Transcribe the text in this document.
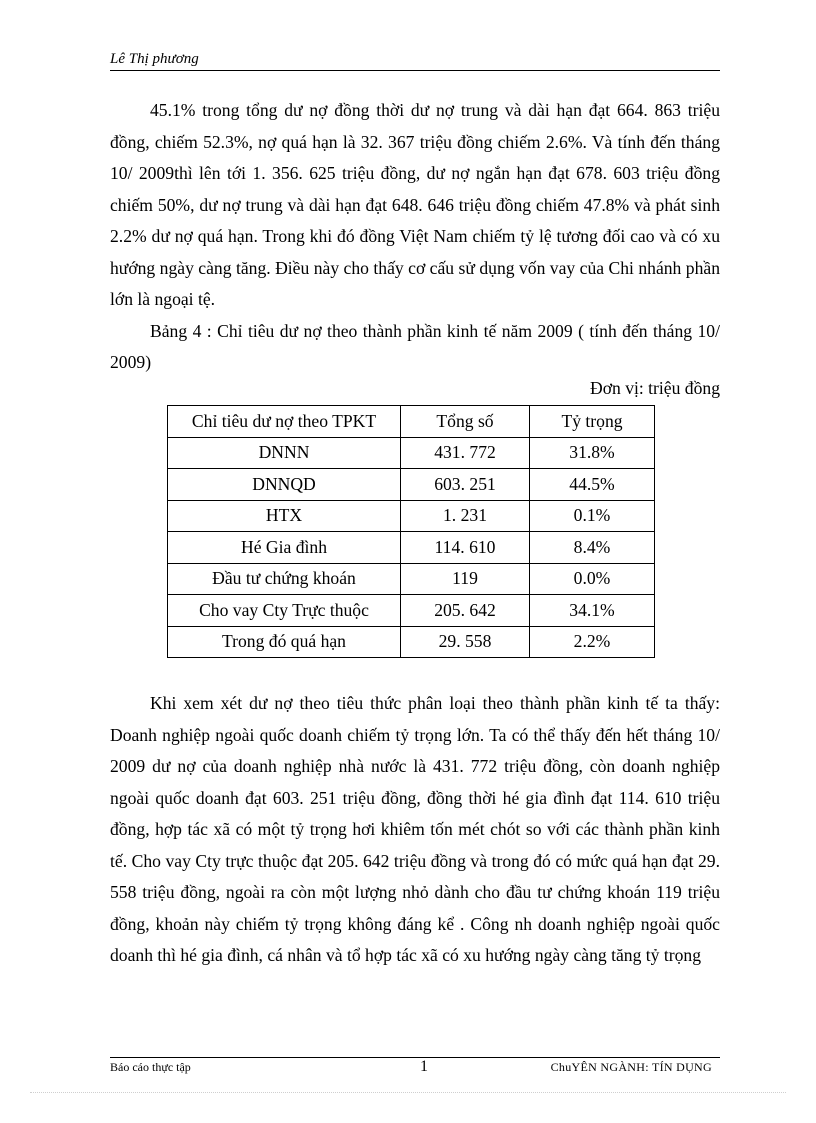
Lê Thị phương

45.1% trong tổng dư nợ đồng thời dư nợ trung và dài hạn đạt 664. 863 triệu đồng, chiếm 52.3%, nợ quá hạn là 32. 367 triệu đồng chiếm 2.6%. Và tính đến tháng 10/ 2009thì lên tới 1. 356. 625 triệu đồng, dư nợ ngắn hạn đạt 678. 603 triệu đồng chiếm 50%, dư nợ trung và dài hạn đạt 648. 646 triệu đồng chiếm 47.8% và phát sinh 2.2% dư nợ quá hạn. Trong khi đó đồng Việt Nam chiếm tỷ lệ tương đối cao và có xu hướng ngày càng tăng. Điều này cho thấy cơ cấu sử dụng vốn vay của Chi nhánh phần lớn là ngoại tệ.

Bảng 4 : Chỉ tiêu dư nợ theo thành phần kinh tế năm 2009 ( tính đến tháng 10/ 2009)

Đơn vị: triệu đồng
Chỉ tiêu dư nợ theo TPKT	Tổng số	Tỷ trọng
DNNN	431. 772	31.8%
DNNQD	603. 251	44.5%
HTX	1. 231	0.1%
Hé Gia đình	114. 610	8.4%
Đầu tư chứng khoán	119	0.0%
Cho vay Cty Trực thuộc	205. 642	34.1%
Trong đó quá hạn	29. 558	2.2%

Khi xem xét dư nợ theo tiêu thức phân loại theo thành phần kinh tế ta thấy: Doanh nghiệp ngoài quốc doanh chiếm tỷ trọng lớn. Ta có thể thấy đến hết tháng 10/ 2009 dư nợ của doanh nghiệp nhà nước là 431. 772 triệu đồng, còn doanh nghiệp ngoài quốc doanh đạt 603. 251 triệu đồng, đồng thời hé gia đình đạt 114. 610 triệu đồng, hợp tác xã có một tỷ trọng hơi khiêm tốn mét chót so với các thành phần kinh tế. Cho vay Cty trực thuộc đạt 205. 642 triệu đồng và trong đó có mức quá hạn đạt 29. 558 triệu đồng, ngoài ra còn một lượng nhỏ dành cho đầu tư chứng khoán 119 triệu đồng, khoản này chiếm tỷ trọng không đáng kể . Công nh doanh nghiệp ngoài quốc doanh thì hé gia đình, cá nhân và tổ hợp tác xã có xu hướng ngày càng tăng tỷ trọng

Báo cáo thực tập	1	ChuYÊN NGÀNH: TÍN DỤNG
